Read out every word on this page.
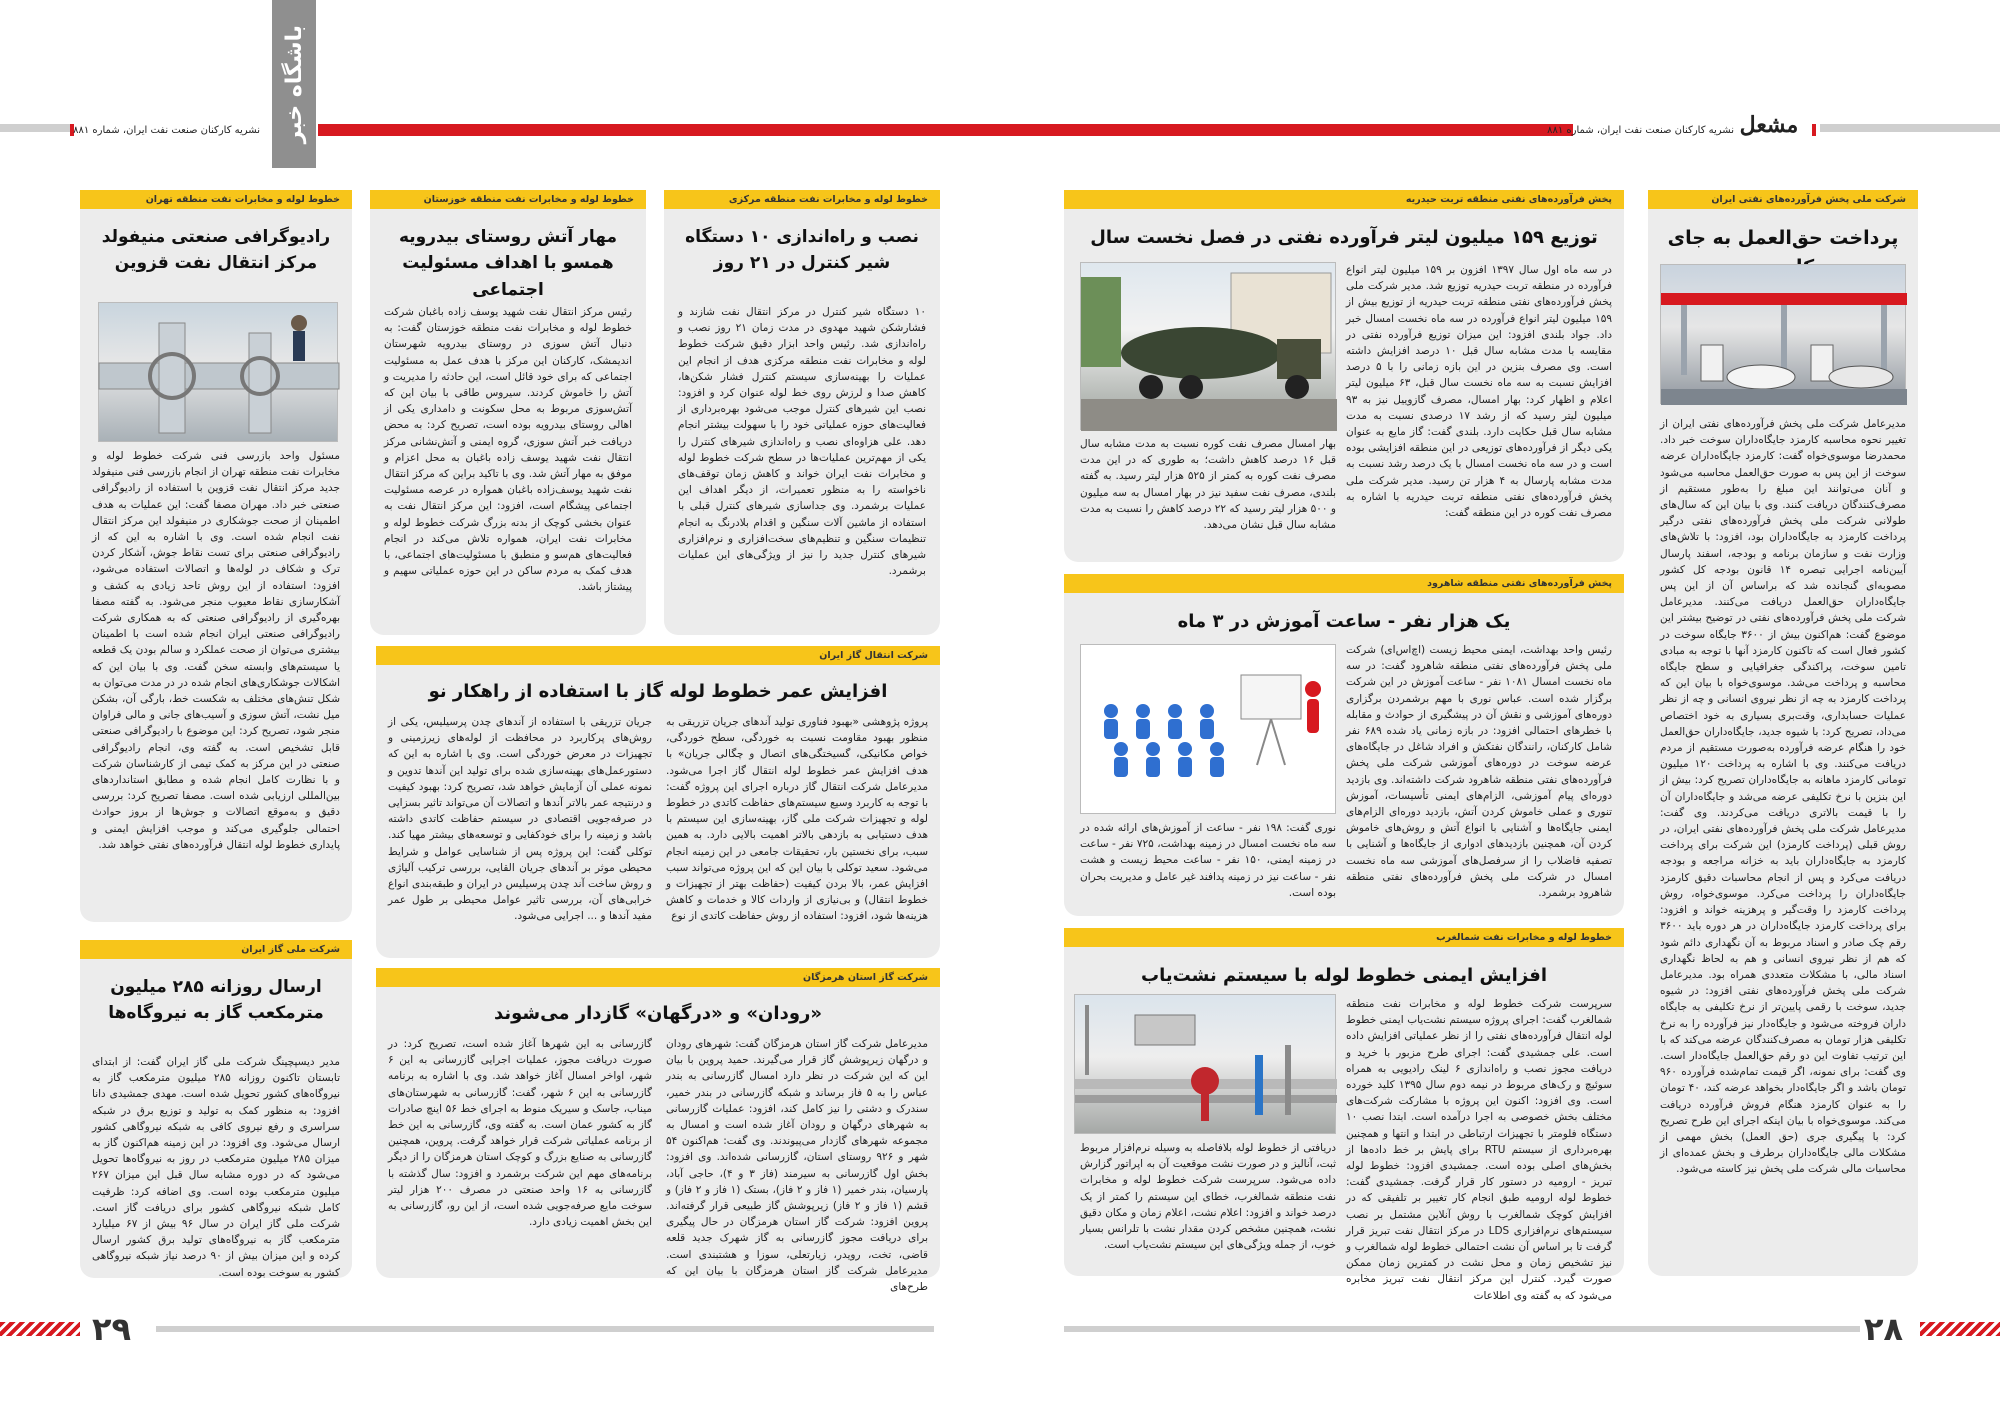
نشریه کارکنان صنعت نفت ایران، شماره ۸۸۱	نشریه کارکنان صنعت نفت ایران، شماره ۸۸۱ مشعل
باشگاه خبر
شرکت ملی پخش فرآورده‌های نفتی ایران
پرداخت حق‌العمل به جای
مدیرعامل شرکت ملی پخش فرآورده‌های نفتی ایران از تغییر نحوه محاسبه کارمزد جایگاه‌داران سوخت خبر داد. محمدرضا موسوی‌خواه گفت: کارمزد جایگاه‌داران عرضه سوخت از این پس به صورت حق‌العمل محاسبه می‌شود و آنان می‌توانند این مبلغ را به‌طور مستقیم از مصرف‌کنندگان دریافت کنند. وی با بیان این که سال‌های طولانی شرکت ملی پخش فرآورده‌های نفتی درگیر پرداخت کارمزد به جایگاه‌داران بود، افزود: با تلاش‌های وزارت نفت و سازمان برنامه و بودجه، اسفند پارسال آیین‌نامه اجرایی تبصره ۱۴ قانون بودجه کل کشور مصوبه‌ای گنجانده شد که براساس آن از این پس جایگاه‌داران حق‌العمل دریافت می‌کنند. مدیرعامل شرکت ملی پخش فرآورده‌های نفتی در توضیح بیشتر این موضوع گفت: هم‌اکنون بیش از ۳۶۰۰ جایگاه سوخت در کشور فعال است که تاکنون کارمزد آنها با توجه به مبادی تامین سوخت، پراکندگی جغرافیایی و سطح جایگاه محاسبه و پرداخت می‌شد. موسوی‌خواه با بیان این که پرداخت کارمزد به چه‌ از نظر نیروی انسانی و چه از نظر عملیات حسابداری، وقت‌بری بسیاری به خود اختصاص می‌داد، تصریح کرد: با شیوه جدید، جایگاه‌داران حق‌العمل خود را هنگام عرضه فرآورده به‌صورت مستقیم از مردم دریافت می‌کنند. وی با اشاره به پرداخت ۱۲۰ میلیون تومانی کارمزد ماهانه به جایگاه‌داران تصریح کرد: بیش از این بنزین با نرخ تکلیفی عرضه می‌شد و جایگاه‌داران آن را با قیمت بالاتری دریافت می‌کردند. وی گفت: مدیرعامل شرکت ملی پخش فرآورده‌های نفتی ایران، در روش قبلی (پرداخت کارمزد) این شرکت برای پرداخت کارمزد به جایگاه‌داران باید به خزانه مراجعه و بودجه دریافت می‌کرد و پس از انجام محاسبات دقیق کارمزد جایگاه‌داران را پرداخت می‌کرد. موسوی‌خواه، روش پرداخت کارمزد را وقت‌گیر و پرهزینه خواند و افزود: برای پرداخت کارمزد جایگاه‌داران در هر دوره باید ۳۶۰۰ رقم چک صادر و اسناد مربوط به آن نگهداری دائم شود که هم از نظر نیروی انسانی و هم به لحاظ نگهداری اسناد مالی، با مشکلات متعددی همراه بود. مدیرعامل شرکت ملی پخش فرآورده‌های نفتی افزود: در شیوه جدید، سوخت با رقمی پایین‌تر از نرخ تکلیفی به جایگاه داران فروخته می‌شود و جایگاه‌دار نیز فرآورده را به نرخ تکلیفی هزار تومان به مصرف‌کنندگان عرضه می‌کند که با این ترتیب تفاوت این دو رقم حق‌العمل جایگاه‌دار است. وی گفت: برای نمونه، اگر قیمت تمام‌شده فرآورده ۹۶۰ تومان باشد و اگر جایگاه‌دار بخواهد عرضه کند، ۴۰ تومان را به عنوان کارمزد هنگام فروش فرآورده دریافت می‌کند. موسوی‌خواه با بیان اینکه اجرای این طرح تصریح کرد: با پیگیری جری (حق العمل) بخش مهمی از مشکلات مالی جایگاه‌داران برطرف و بخش عمده‌ای از محاسبات مالی شرکت ملی پخش نیز کاسته می‌شود.
پخش فرآورده‌های نفتی منطقه تربت حیدریه
توزیع ۱۵۹ میلیون لیتر فرآورده نفتی در فصل نخست سال
در سه ماه اول سال ۱۳۹۷ افزون بر ۱۵۹ میلیون لیتر انواع فرآورده در منطقه تربت حیدریه توزیع شد. مدیر شرکت ملی پخش فرآورده‌های نفتی منطقه تربت حیدریه از توزیع بیش از ۱۵۹ میلیون لیتر انواع فرآورده در سه ماه نخست امسال خبر داد. جواد بلندی افزود: این میزان توزیع فرآورده نفتی در مقایسه با مدت مشابه سال قبل ۱۰ درصد افزایش داشته است. وی مصرف بنزین در این بازه زمانی را با ۵ درصد افزایش نسبت به سه ماه نخست سال قبل، ۶۳ میلیون لیتر اعلام و اظهار کرد: بهار امسال، مصرف گازوییل نیز به ۹۳ میلیون لیتر رسید که از رشد ۱۷ درصدی نسبت به مدت مشابه سال قبل حکایت دارد. بلندی گفت: گاز مایع به عنوان یکی دیگر از فرآورده‌های توزیعی در این منطقه افزایشی بوده است و در سه ماه نخست امسال با یک درصد رشد نسبت به مدت مشابه پارسال به ۴ هزار تن رسید. مدیر شرکت ملی پخش فرآورده‌های نفتی منطقه تربت حیدریه با اشاره به مصرف نفت کوره در این منطقه گفت:
بهار امسال مصرف نفت کوره نسبت به مدت مشابه سال قبل ۱۶ درصد کاهش داشت؛ به طوری که در این مدت مصرف نفت کوره به کمتر از ۵۲۵ هزار لیتر رسید. به گفته بلندی، مصرف نفت سفید نیز در بهار امسال به سه میلیون و ۵۰۰ هزار لیتر رسید که ۲۲ درصد کاهش را نسبت به مدت مشابه سال قبل نشان می‌دهد.
پخش فرآورده‌های نفتی منطقه شاهرود
یک هزار نفر - ساعت آموزش در ۳ ماه
رئیس واحد بهداشت، ایمنی محیط زیست (اچ‌اس‌ای) شرکت ملی پخش فرآورده‌های نفتی منطقه شاهرود گفت: در سه ماه نخست امسال ۱۰۸۱ نفر - ساعت آموزش در این شرکت برگزار شده است. عباس نوری با مهم برشمردن برگزاری دوره‌های آموزشی و نقش آن در پیشگیری از حوادث و مقابله با خطرهای احتمالی افزود: در بازه زمانی یاد شده ۶۸۹ نفر شامل کارکنان، رانندگان نفتکش و افراد شاغل در جایگاه‌های عرضه سوخت در دوره‌های آموزشی شرکت ملی پخش فرآورده‌های نفتی منطقه شاهرود شرکت داشته‌اند. وی بازدید دوره‌ای پیام آموزشی، الزام‌های ایمنی تأسیسات، آموزش تنوری و عملی خاموش کردن آتش، بازدید دوره‌ای الزام‌های ایمنی جایگاه‌ها و آشنایی با انواع آتش و روش‌های خاموش کردن آن، همچنین بازدیدهای ادواری از جایگاه‌ها و آشنایی با تصفیه فاضلاب را از سرفصل‌های آموزشی سه ماه نخست امسال در شرکت ملی پخش فرآورده‌های نفتی منطقه شاهرود برشمرد.
نوری گفت: ۱۹۸ نفر - ساعت از آموزش‌های ارائه شده در سه ماه نخست امسال در زمینه بهداشت، ۷۲۵ نفر - ساعت در زمینه ایمنی، ۱۵۰ نفر - ساعت محیط زیست و هشت نفر - ساعت نیز در زمینه پدافند غیر عامل و مدیریت بحران بوده است.
خطوط لوله و مخابرات نفت شمالغرب
افزایش ایمنی خطوط لوله با سیستم نشت‌یاب
سرپرست شرکت خطوط لوله و مخابرات نفت منطقه شمالغرب گفت: اجرای پروژه سیستم نشت‌یاب ایمنی خطوط لوله انتقال فرآورده‌های نفتی را از نظر عملیاتی افزایش داده است. علی جمشیدی گفت: اجرای طرح مزبور با خرید و دریافت مجوز نصب و راه‌اندازی ۶ لینک رادیویی به همراه سوئیچ و رک‌های مربوط در نیمه دوم سال ۱۳۹۵ کلید خورده است. وی افزود: اکنون این پروژه با مشارکت شرکت‌های مختلف بخش خصوصی به اجرا درآمده است. ابتدا نصب ۱۰ دستگاه فلومتر با تجهیزات ارتباطی در ابتدا و انتها و همچنین بهره‌برداری از سیستم RTU برای پایش بر خط داده‌ها از بخش‌های اصلی بوده است. جمشیدی افزود: خطوط لوله تبریز - ارومیه در دستور کار قرار گرفت. جمشیدی گفت: خطوط لوله ارومیه طبق انجام کار تغییر بر تلفیقی که در افزایش کوچک شمالغرب با روش آنلاین مشتمل بر نصب سیستم‌های نرم‌افزاری LDS در مرکز انتقال نفت تبریز قرار گرفت تا بر اساس آن نشت احتمالی خطوط لوله شمالغرب و نیز تشخیص زمان و محل نشت در کمترین زمان ممکن صورت گیرد. کنترل این مرکز انتقال نفت تبریز مخابره می‌شود که به گفته وی اطلاعات
دریافتی از خطوط لوله بلافاصله به وسیله نرم‌افزار مربوط ثبت، آنالیز و در صورت نشت موقعیت آن به اپراتور گزارش داده می‌شود. سرپرست شرکت خطوط لوله و مخابرات نفت منطقه شمالغرب، خطای این سیستم را کمتر از یک درصد خواند و افزود: اعلام نشت، اعلام زمان و مکان دقیق نشت، همچنین مشخص کردن مقدار نشت با تلرانس بسیار خوب، از جمله ویژگی‌های این سیستم نشت‌یاب است.
خطوط لوله و مخابرات نفت منطقه مرکزی
نصب و راه‌اندازی ۱۰ دستگاه شیر کنترل در ۲۱ روز
۱۰ دستگاه شیر کنترل در مرکز انتقال نفت شازند و فشارشکن شهید مهدوی در مدت زمان ۲۱ روز نصب و راه‌اندازی شد. رئیس واحد ابزار دقیق شرکت خطوط لوله و مخابرات نفت منطقه مرکزی هدف از انجام این عملیات را بهینه‌سازی سیستم کنترل فشار شکن‌ها، کاهش صدا و لرزش روی خط لوله عنوان کرد و افزود: نصب این شیرهای کنترل موجب می‌شود بهره‌برداری از فعالیت‌های حوزه عملیاتی خود را با سهولت بیشتر انجام دهد. علی هزاوه‌ای نصب و راه‌اندازی شیرهای کنترل را یکی از مهم‌ترین عملیات‌ها در سطح شرکت خطوط لوله و مخابرات نفت ایران خواند و کاهش زمان توقف‌های ناخواسته را به منظور تعمیرات، از دیگر اهداف این عملیات برشمرد. وی جداسازی شیرهای کنترل قبلی با استفاده از ماشین آلات سنگین و اقدام بلادرنگ به انجام تنظیمات سنگین و تنظیم‌های سخت‌افزاری و نرم‌افزاری شیرهای کنترل جدید را نیز از ویژگی‌های این عملیات برشمرد.
خطوط لوله و مخابرات نفت منطقه خوزستان
مهار آتش روستای بیدرویه همسو با اهداف مسئولیت اجتماعی
رئیس مرکز انتقال نفت شهید یوسف زاده باغبان شرکت خطوط لوله و مخابرات نفت منطقه خوزستان گفت: به دنبال آتش سوزی در روستای بیدرویه شهرستان اندیمشک، کارکنان این مرکز با هدف عمل به مسئولیت اجتماعی که برای خود قائل است، این حادثه را مدیریت و آتش را خاموش کردند. سیروس طاقی با بیان این که آتش‌سوزی مربوط به محل سکونت و دامداری یکی از اهالی روستای بیدرویه بوده است، تصریح کرد: به محض دریافت خبر آتش سوزی، گروه ایمنی و آتش‌نشانی مرکز انتقال نفت شهید یوسف زاده باغبان به محل اعزام و موفق به مهار آتش شد. وی با تاکید براین که مرکز انتقال نفت شهید یوسف‌زاده باغبان همواره در عرصه مسئولیت اجتماعی پیشگام است، افزود: این مرکز انتقال نفت به عنوان بخشی کوچک از بدنه بزرگ شرکت خطوط لوله و مخابرات نفت ایران، همواره تلاش می‌کند در انجام فعالیت‌های هم‌سو و منطبق با مسئولیت‌های اجتماعی، با هدف کمک به مردم ساکن در این حوزه عملیاتی سهیم و پیشتاز باشد.
خطوط لوله و مخابرات نفت منطقه تهران
رادیوگرافی صنعتی منیفولد مرکز انتقال نفت قزوین
مسئول واحد بازرسی فنی شرکت خطوط لوله و مخابرات نفت منطقه تهران از انجام بازرسی فنی منیفولد جدید مرکز انتقال نفت قزوین با استفاده از رادیوگرافی صنعتی خبر داد. مهران مصفا گفت: این عملیات به هدف اطمینان از صحت جوشکاری در منیفولد این مرکز انتقال نفت انجام شده است. وی با اشاره به این که از رادیوگرافی صنعتی برای تست نقاط جوش، آشکار کردن ترک و شکاف در لوله‌ها و اتصالات استفاده می‌شود، افزود: استفاده از این روش تاحد زیادی به کشف و آشکارسازی نقاط معیوب منجر می‌شود. به گفته مصفا بهره‌گیری از رادیوگرافی صنعتی که به همکاری شرکت رادیوگرافی صنعتی ایران انجام شده است با اطمینان بیشتری می‌توان از صحت عملکرد و سالم بودن یک قطعه یا سیستم‌های وابسته سخن گفت. وی با بیان این که اشکالات جوشکاری‌های انجام شده در در مدت می‌توان به شکل تنش‌های مختلف به شکست خط، بارگی آن، بشکن میل نشت، آتش سوزی و آسیب‌های جانی و مالی فراوان منجر شود، تصریح کرد: این موضوع با رادیوگرافی صنعتی قابل تشخیص است. به گفته وی، انجام رادیوگرافی صنعتی در این مرکز به کمک تیمی از کارشناسان شرکت و با نظارت کامل انجام شده و مطابق استانداردهای بین‌المللی ارزیابی شده است. مصفا تصریح کرد: بررسی دقیق و به‌موقع اتصالات و جوش‌ها از بروز حوادث احتمالی جلوگیری می‌کند و موجب افزایش ایمنی و پایداری خطوط لوله انتقال فرآورده‌های نفتی خواهد شد.
شرکت انتقال گاز ایران
افزایش عمر خطوط لوله گاز با استفاده از راهکار نو
پروژه پژوهشی «بهبود فناوری تولید آندهای جریان تزریقی به منظور بهبود مقاومت نسبت به خوردگی، سطح خوردگی، خواص مکانیکی، گسیختگی‌های اتصال و چگالی جریان» با هدف افزایش عمر خطوط لوله انتقال گاز اجرا می‌شود. مدیرعامل شرکت انتقال گاز درباره اجرای این پروژه گفت: با توجه به کاربرد وسیع سیستم‌های حفاظت کاتدی در خطوط لوله و تجهیزات شرکت ملی گاز، بهینه‌سازی این سیستم با هدف دستیابی به بازدهی بالاتر اهمیت بالایی دارد. به همین سبب، برای نخستین بار، تحقیقات جامعی در این زمینه انجام می‌شود. سعید توکلی با بیان این که این پروژه می‌تواند سبب افزایش عمر، بالا بردن کیفیت (حفاظت بهتر از تجهیزات و خطوط انتقال) و بی‌نیازی از واردات کالا و خدمات و کاهش هزینه‌ها شود، افزود: استفاده از روش حفاظت کاتدی از نوع
جریان تزریقی با استفاده از آندهای چدن پرسیلیس، یکی از روش‌های پرکاربرد در محافظت از لوله‌های زیرزمینی و تجهیزات در معرض خوردگی است. وی با اشاره به این که دستورعمل‌های بهینه‌سازی شده برای تولید این آندها تدوین و نمونه عملی آن آزمایش خواهد شد، تصریح کرد: بهبود کیفیت و درنتیجه عمر بالاتر آندها و اتصالات آن می‌تواند تاثیر بسزایی در صرفه‌جویی اقتصادی در سیستم حفاظت کاتدی داشته باشد و زمینه را برای خودکفایی و توسعه‌های بیشتر مهیا کند. توکلی گفت: این پروژه پس از شناسایی عوامل و شرایط محیطی موثر بر آندهای جریان القایی، بررسی ترکیب آلیاژی و روش ساخت آند چدن پرسیلیس در ایران و طبقه‌بندی انواع خرابی‌های آن، بررسی تاثیر عوامل محیطی بر طول عمر مفید آندها و ... اجرایی می‌شود.
شرکت گاز استان هرمزگان
«رودان» و «درگهان» گازدار می‌شوند
مدیرعامل شرکت گاز استان هرمزگان گفت: شهرهای رودان و درگهان زیرپوشش گاز قرار می‌گیرند. حمید پروین با بیان این که این شرکت در نظر دارد امسال گازرسانی به بندر عباس را به ۵ فاز برساند و شبکه گازرسانی در بندر خمیر، سندرک و دشتی را نیز کامل کند، افزود: عملیات گازرسانی به شهرهای درگهان و رودان آغاز شده است و امسال به مجموعه شهرهای گازدار می‌پیوندند. وی گفت: هم‌اکنون ۵۴ شهر و ۹۲۶ روستای استان، گازرسانی شده‌اند. وی افزود: بخش اول گازرسانی به سیرمند (فاز ۳ و ۴)، حاجی آباد، پارسیان، بندر خمیر (۱ فاز و ۲ فاز)، بستک (۱ فاز و ۲ فاز) و قشم (۱ فاز و ۲ فاز) زیرپوشش گاز طبیعی قرار گرفته‌اند. پروین افزود: شرکت گاز استان هرمزگان در حال پیگیری برای دریافت مجوز گازرسانی به گاز شهرک جدید قلعه قاضی، تخت، رویدر، زیارتعلی، سوزا و هشتبندی است. مدیرعامل شرکت گاز استان هرمزگان با بیان این که طرح‌های
گازرسانی به این شهرها آغاز شده است، تصریح کرد: در صورت دریافت مجوز، عملیات اجرایی گازرسانی به این ۶ شهر، اواخر امسال آغاز خواهد شد. وی با اشاره به برنامه گازرسانی به این ۶ شهر، گفت: گازرسانی به شهرستان‌های میناب، جاسک و سیریک منوط به اجرای خط ۵۶ اینچ صادرات گاز به کشور عمان است. به گفته وی، گازرسانی به این خط از برنامه عملیاتی شرکت قرار خواهد گرفت. پروین، همچنین گازرسانی به صنایع بزرگ و کوچک استان هرمزگان را از دیگر برنامه‌های مهم این شرکت برشمرد و افزود: سال گذشته با گازرسانی به ۱۶ واحد صنعتی در مصرف ۲۰۰ هزار لیتر سوخت مایع صرفه‌جویی شده است، از این رو، گازرسانی به این بخش اهمیت زیادی دارد.
شرکت ملی گاز ایران
ارسال روزانه ۲۸۵ میلیون مترمکعب گاز به نیروگاه‌ها
مدیر دیسپچینگ شرکت ملی گاز ایران گفت: از ابتدای تابستان تاکنون روزانه ۲۸۵ میلیون مترمکعب گاز به نیروگاه‌های کشور تحویل شده است. مهدی جمشیدی دانا افزود: به منظور کمک به تولید و توزیع برق در شبکه سراسری و رفع نیروی کافی به شبکه نیروگاهی کشور ارسال می‌شود. وی افزود: در این زمینه هم‌اکنون گاز به میزان ۲۸۵ میلیون مترمکعب در روز به نیروگاه‌ها تحویل می‌شود که در دوره مشابه سال قبل این میزان ۲۶۷ میلیون مترمکعب بوده است. وی اضافه کرد: ظرفیت کامل شبکه نیروگاهی کشور برای دریافت گاز است. شرکت ملی گاز ایران در سال ۹۶ بیش از ۶۷ میلیارد مترمکعب گاز به نیروگاه‌های تولید برق کشور ارسال کرده و این میزان بیش از ۹۰ درصد نیاز شبکه نیروگاهی کشور به سوخت بوده است.
۲۹	۲۸
